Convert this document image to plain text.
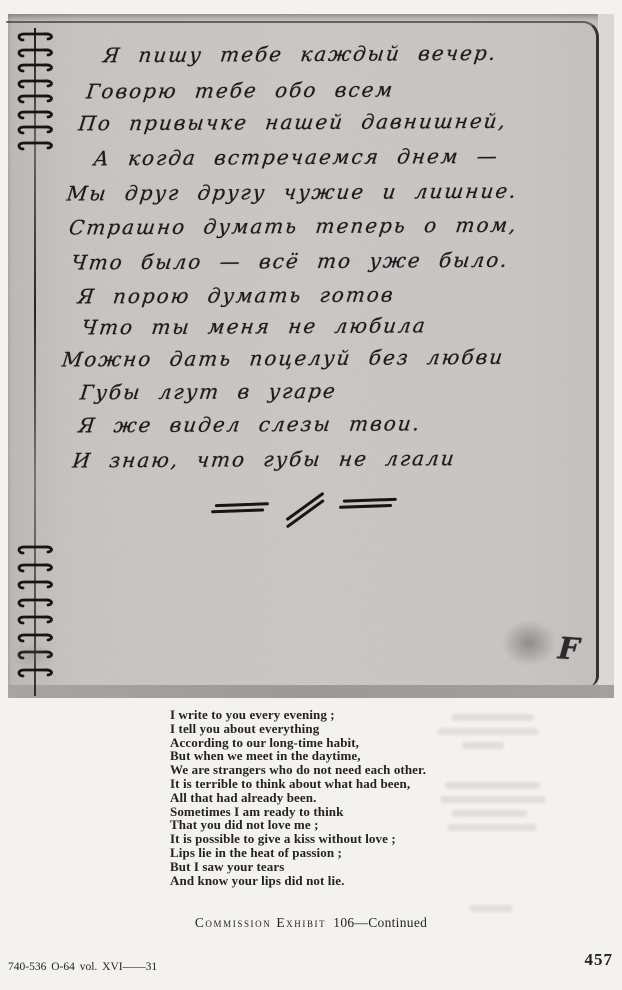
Я пишу тебе каждый вечер.
Говорю тебе обо всем
По привычке нашей давнишней,
А когда встречаемся днем —
Мы друг другу чужие и лишние.
Страшно думать теперь о том,
Что было — всё то уже было.
Я порою думать готов
Что ты меня не любила
Можно дать поцелуй без любви
Губы лгут в угаре
Я же видел слезы твои.
И знаю, что губы не лгали
F
I write to you every evening ;
I tell you about everything
According to our long-time habit,
But when we meet in the daytime,
We are strangers who do not need each other.
It is terrible to think about what had been,
All that had already been.
Sometimes I am ready to think
That you did not love me ;
It is possible to give a kiss without love ;
Lips lie in the heat of passion ;
But I saw your tears
And know your lips did not lie.
Commission Exhibit 106—Continued
740-536 O-64 vol. XVI——31	457
